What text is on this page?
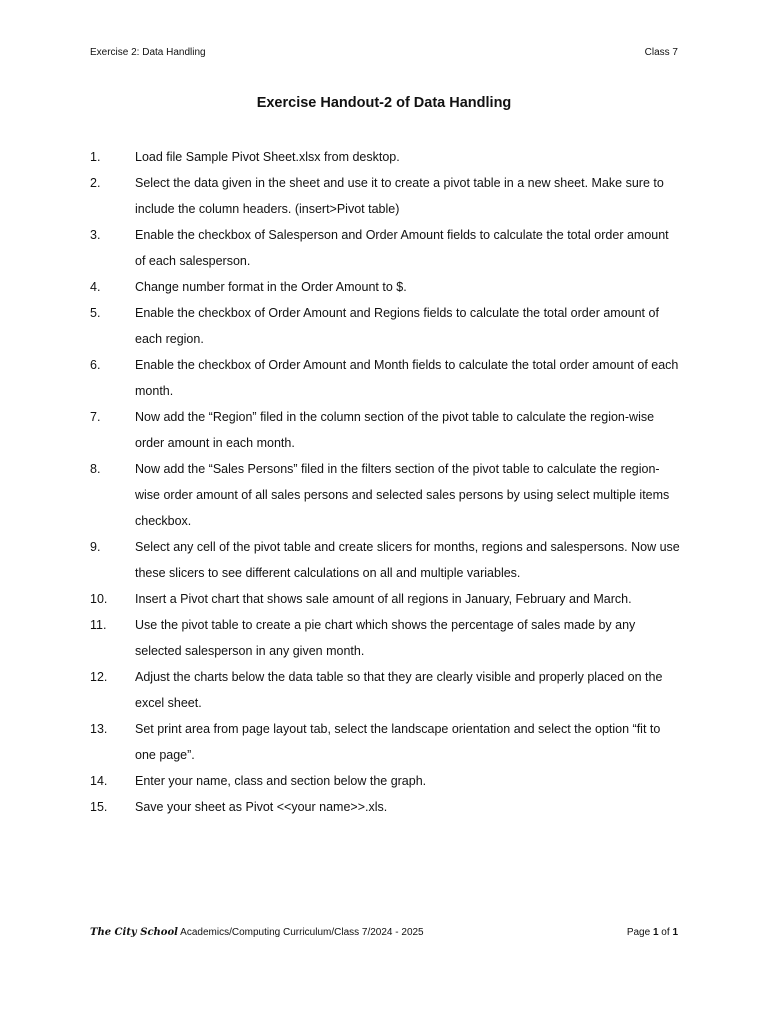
Exercise 2: Data Handling	Class 7
Exercise Handout-2 of Data Handling
1.	Load file Sample Pivot Sheet.xlsx from desktop.
2.	Select the data given in the sheet and use it to create a pivot table in a new sheet. Make sure to include the column headers. (insert>Pivot table)
3.	Enable the checkbox of Salesperson and Order Amount fields to calculate the total order amount of each salesperson.
4.	Change number format in the Order Amount to $.
5.	Enable the checkbox of Order Amount and Regions fields to calculate the total order amount of each region.
6.	Enable the checkbox of Order Amount and Month fields to calculate the total order amount of each month.
7.	Now add the “Region” filed in the column section of the pivot table to calculate the region-wise order amount in each month.
8.	Now add the “Sales Persons” filed in the filters section of the pivot table to calculate the region-wise order amount of all sales persons and selected sales persons by using select multiple items checkbox.
9.	Select any cell of the pivot table and create slicers for months, regions and salespersons. Now use these slicers to see different calculations on all and multiple variables.
10. Insert a Pivot chart that shows sale amount of all regions in January, February and March.
11. Use the pivot table to create a pie chart which shows the percentage of sales made by any selected salesperson in any given month.
12. Adjust the charts below the data table so that they are clearly visible and properly placed on the excel sheet.
13. Set print area from page layout tab, select the landscape orientation and select the option “fit to one page”.
14. Enter your name, class and section below the graph.
15. Save your sheet as Pivot <<your name>>.xls.
The City School Academics/Computing Curriculum/Class 7/2024 - 2025	Page 1 of 1
